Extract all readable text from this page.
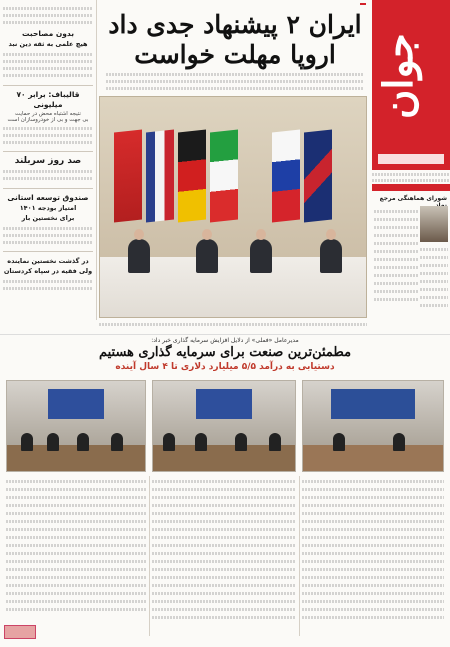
جوان
شورای هماهنگی مرجع
بدون مصاحبت
هیچ علمی به ثقه دین نبد
قالیباف: برابر ۷۰ میلیونی
نتیجه اشتباه محض در حمایت
بی جهت و بی از خودروسازان است
صد روز سربلند
صندوق توسعه استانی
امتیاز بودجه ۱۴۰۱
برای نخستین بار
در گذشت نخستین نماینده
ولی فقیه در سپاه کردستان
ایران ۲ پیشنهاد جدی داد
اروپا مهلت خواست
مدیرعامل «فملی» از دلایل افزایش سرمایه گذاری خبر داد:
مطمئن‌ترین صنعت برای سرمایه گذاری هستیم
دستیابی به درآمد ۵/۵ میلیارد دلاری تا ۴ سال آینده
